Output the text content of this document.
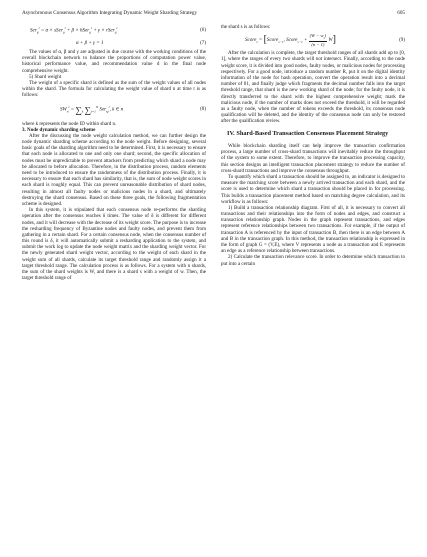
Asynchronous Consensus Algorithm Integrating Dynamic Weight Sharding Strategy	605
Ser$_{ij}^t$ = α × sSer$_{ij}^t$ + β × hSer$_{ij}^t$ + γ × rSer$_{ij}^t$	(6)
α + β + γ = 1	(7)

The values of α, β and γ are adjusted in due course with the working conditions of the overall blockchain network to balance the proportions of computation power value, historical performance value, and recommendation value d in the final node comprehensive weight.

5) Shard weight

The weight of a specific shard is defined as the sum of the weight values of all nodes within the shard. The formula for calculating the weight value of shard n at time t is as follows:

$SW_n^t = \sum_k$ $\sum_{j=1}^N$ Ser$_{kj}^t$, k ∈ n	(8)

where k represents the node ID within shard n.

3. Node dynamic sharding scheme

After the discussing the node weight calculation method, we can further design the node dynamic sharding scheme according to the node weight. Before designing, several basic goals of the sharding algorithm need to be determined. First, it is necessary to ensure that each node is allocated to one and only one shard; second, the specific allocation of nodes must be unpredictable to prevent attackers from predicting which shard a node may be allocated to before allocation. Therefore, in the distribution process, random elements need to be introduced to ensure the randomness of the distribution process. Finally, it is necessary to ensure that each shard has similarity, that is, the sum of node weight scores in each shard is roughly equal. This can prevent unreasonable distribution of shard nodes, resulting in almost all faulty nodes or malicious nodes in a shard, and ultimately destroying the shard consensus. Based on these three goals, the following fragmentation scheme is designed.

In this system, it is stipulated that each consensus node re-performs the sharding operation after the consensus reaches δ times. The value of δ is different for different nodes, and it will decrease with the decrease of its weight score. The purpose is to increase the resharding frequency of Byzantine nodes and faulty nodes, and prevent them from gathering in a certain shard. For a certain consensus node, when the consensus number of this round is δ, it will automatically submit a resharding application to the system, and submit the work log to update the node weight matrix and the sharding weight vector. For the newly generated shard weight vector, according to the weight of each shard in the weight sum of all shards, calculate its target threshold range and randomly assign it a target threshold range. The calculation process is as follows. For a system with n shards, the sum of the shard weights is W, and there is a shard s with a weight of w. Then, the target threshold range of

the shard s is as follows:

Score$_s$ = [Score$_{s-1}$, Score$_{s-1}$ + $\frac{(W - w_s)}{(n - 1)} W$]	(9)

After the calculation is complete, the target threshold ranges of all shards add up to [0, 1], where the ranges of every two shards will not intersect. Finally, according to the node weight score, it is divided into good nodes, faulty nodes, or malicious nodes for processing respectively. For a good node, introduce a random number R, put it on the digital identity information of the node for hash operation, convert the operation result into a decimal number of 01, and finally judge which fragments the decimal number falls into the target threshold range, that shard is the new working shard of the node; for the faulty node, it is directly transferred to the shard with the highest comprehensive weight; mark the malicious node, if the number of marks does not exceed the threshold, it will be regarded as a faulty node, when the number of tokens exceeds the threshold, its consensus node qualification will be deleted, and the identity of the consensus node can only be restored after the qualification review.

IV. Shard-Based Transaction Consensus Placement Strategy

While blockchain sharding itself can help improve the transaction confirmation process, a large number of cross-shard transactions will inevitably reduce the throughput of the system to some extent. Therefore, to improve the transaction processing capacity, this section designs an intelligent transaction placement strategy to reduce the number of cross-shard transactions and improve the consensus throughput.

To quantify which shard a transaction should be assigned to, an indicator is designed to measure the matching score between a newly arrived transaction and each shard, and the score is used to determine which shard a transaction should be placed in for processing. This builds a transaction placement method based on matching degree calculation, and its workflow is as follows:

1) Build a transaction relationship diagram. First of all, it is necessary to convert all transactions and their relationships into the form of nodes and edges, and construct a transaction relationship graph. Nodes in the graph represent transactions, and edges represent reference relationships between two transactions. For example, if the output of transaction A is referenced by the input of transaction B, then there is an edge between A and B in the transaction graph. In this method, the transaction relationship is expressed in the form of graph G = (V,E), where V represents a node as a transaction and E represents an edge as a reference relationship between transactions.

2) Calculate the transaction relevance score. In order to determine which transaction to put into a certain
